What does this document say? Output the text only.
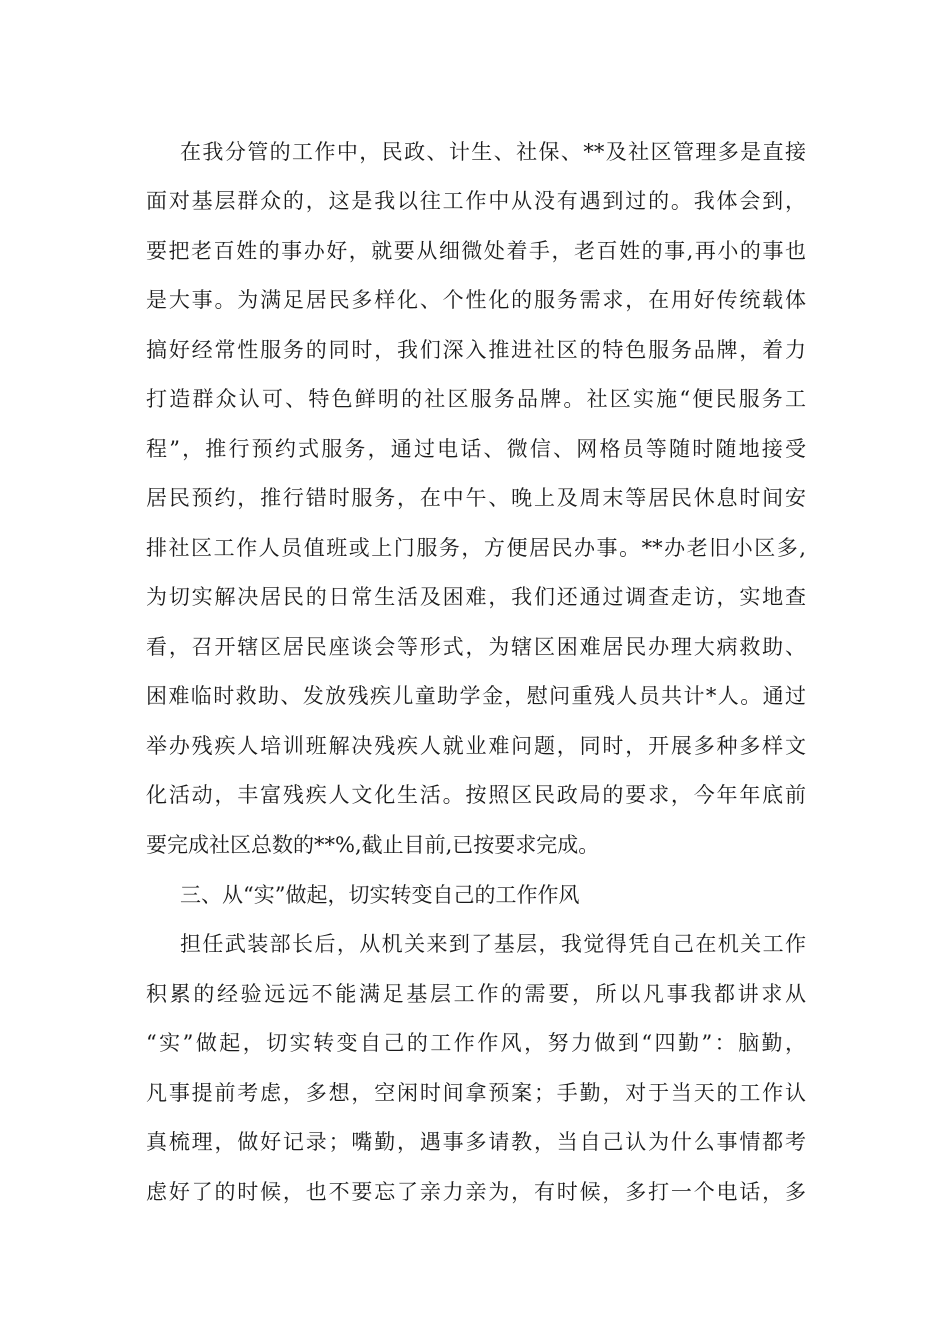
在我分管的工作中，民政、计生、社保、**及社区管理多是直接
面对基层群众的，这是我以往工作中从没有遇到过的。我体会到，
要把老百姓的事办好，就要从细微处着手，老百姓的事,再小的事也
是大事。为满足居民多样化、个性化的服务需求，在用好传统载体
搞好经常性服务的同时，我们深入推进社区的特色服务品牌，着力
打造群众认可、特色鲜明的社区服务品牌。社区实施“便民服务工
程”，推行预约式服务，通过电话、微信、网格员等随时随地接受
居民预约，推行错时服务，在中午、晚上及周末等居民休息时间安
排社区工作人员值班或上门服务，方便居民办事。**办老旧小区多,
为切实解决居民的日常生活及困难，我们还通过调查走访，实地查
看，召开辖区居民座谈会等形式，为辖区困难居民办理大病救助、
困难临时救助、发放残疾儿童助学金，慰问重残人员共计*人。通过
举办残疾人培训班解决残疾人就业难问题，同时，开展多种多样文
化活动，丰富残疾人文化生活。按照区民政局的要求，今年年底前
要完成社区总数的**%,截止目前,已按要求完成。
三、从“实”做起，切实转变自己的工作作风
担任武装部长后，从机关来到了基层，我觉得凭自己在机关工作
积累的经验远远不能满足基层工作的需要，所以凡事我都讲求从
“实”做起，切实转变自己的工作作风，努力做到“四勤”：脑勤，
凡事提前考虑，多想，空闲时间拿预案；手勤，对于当天的工作认
真梳理，做好记录；嘴勤，遇事多请教，当自己认为什么事情都考
虑好了的时候，也不要忘了亲力亲为，有时候，多打一个电话，多
